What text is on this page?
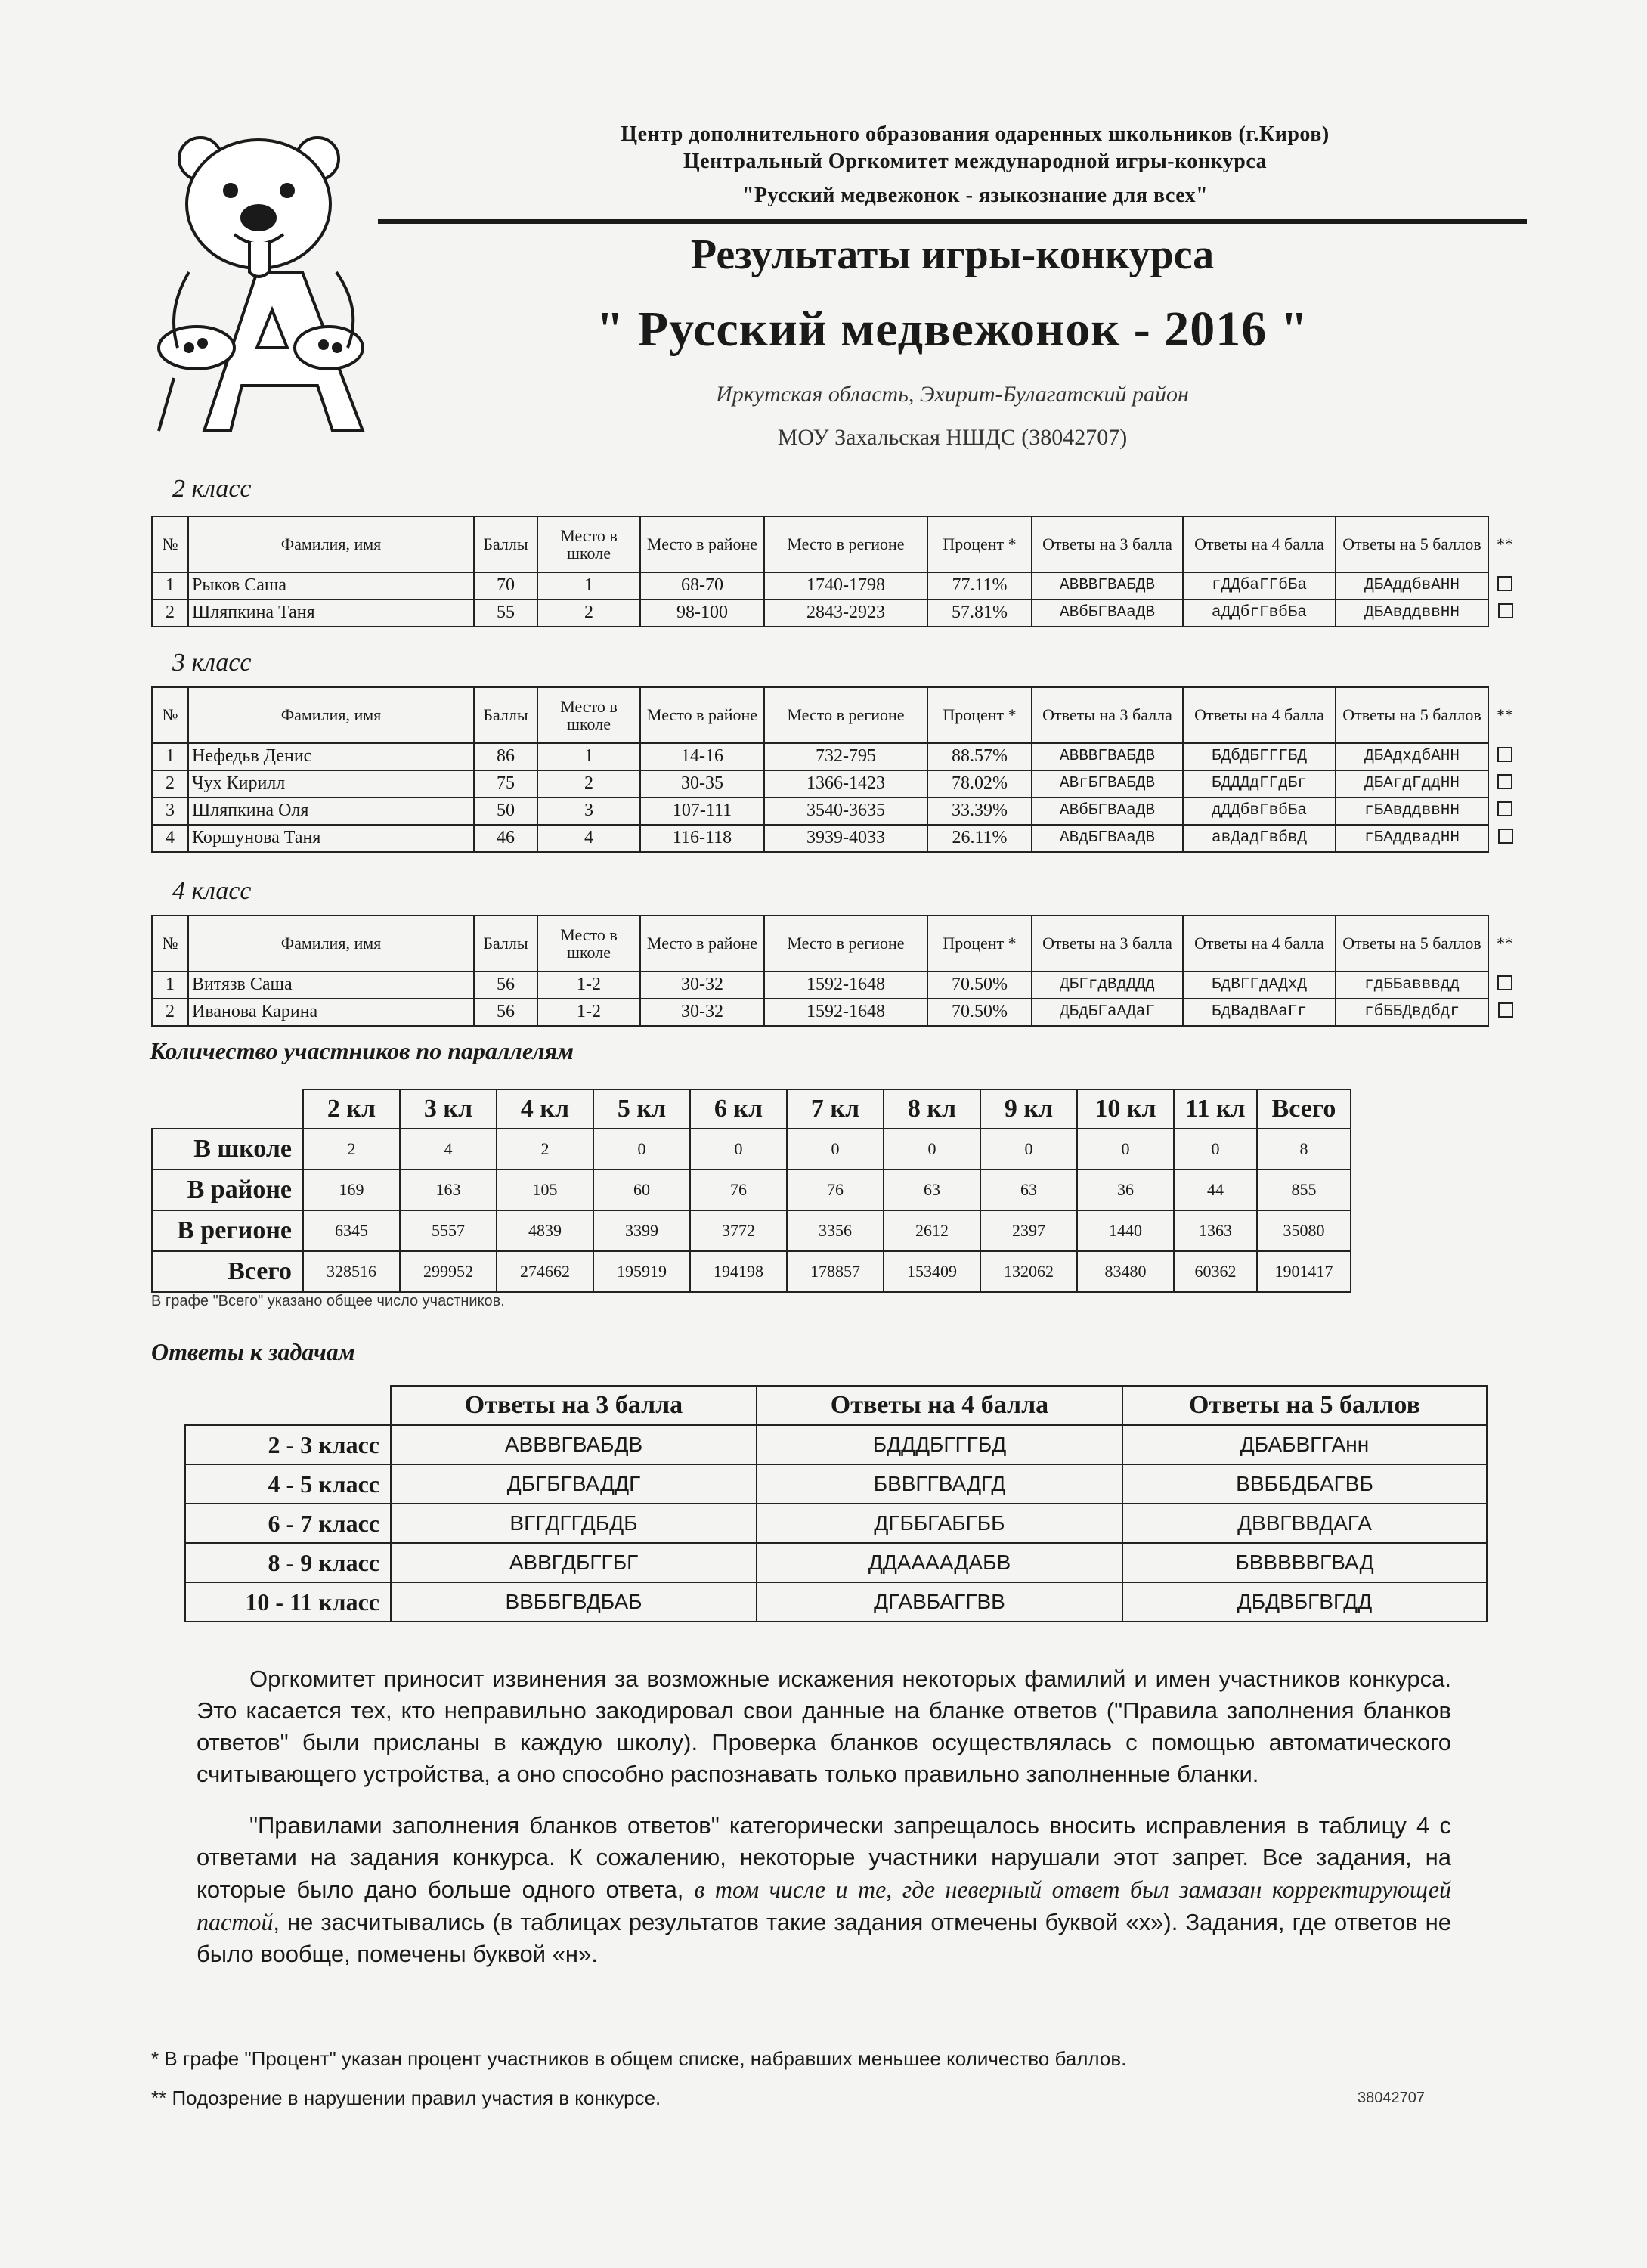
Центр дополнительного образования одаренных школьников (г.Киров)
Центральный Оргкомитет международной игры-конкурса
"Русский медвежонок - языкознание для всех"
Результаты игры-конкурса
" Русский медвежонок - 2016 "
Иркутская область, Эхирит-Булагатский район
МОУ Захальская НШДС (38042707)
2 класс
№	Фамилия, имя	Баллы	Место в школе	Место в районе	Место в регионе	Процент *	Ответы на 3 балла	Ответы на 4 балла	Ответы на 5 баллов	**
1	Рыков Саша	70	1	68-70	1740-1798	77.11%	АВВВГВАБДВ	гДДбаГГбБа	ДБАддбвАНН	
2	Шляпкина Таня	55	2	98-100	2843-2923	57.81%	АВбБГВАаДВ	аДДбгГвбБа	ДБАвддввНН	
3 класс
№	Фамилия, имя	Баллы	Место в школе	Место в районе	Место в регионе	Процент *	Ответы на 3 балла	Ответы на 4 балла	Ответы на 5 баллов	**
1	Нефедьв Денис	86	1	14-16	732-795	88.57%	АВВВГВАБДВ	БДбДБГГГБД	ДБАдхдбАНН	
2	Чух Кирилл	75	2	30-35	1366-1423	78.02%	АВгБГВАБДВ	БДДДдГГдБг	ДБАгдГддНН	
3	Шляпкина Оля	50	3	107-111	3540-3635	33.39%	АВбБГВАаДВ	дДДбвГвбБа	гБАвддввНН	
4	Коршунова Таня	46	4	116-118	3939-4033	26.11%	АВдБГВАаДВ	авДадГвбвД	гБАддвадНН	
4 класс
№	Фамилия, имя	Баллы	Место в школе	Место в районе	Место в регионе	Процент *	Ответы на 3 балла	Ответы на 4 балла	Ответы на 5 баллов	**
1	Витязв Саша	56	1-2	30-32	1592-1648	70.50%	ДБГгдВдДДд	БдВГГдАДхД	гдББавввдд	
2	Иванова Карина	56	1-2	30-32	1592-1648	70.50%	ДБдБГаАДаГ	БдВадВАаГг	гбББДвдбдг	
Количество участников по параллелям
	2 кл	3 кл	4 кл	5 кл	6 кл	7 кл	8 кл	9 кл	10 кл	11 кл	Всего
В школе	2	4	2	0	0	0	0	0	0	0	8
В районе	169	163	105	60	76	76	63	63	36	44	855
В регионе	6345	5557	4839	3399	3772	3356	2612	2397	1440	1363	35080
Всего	328516	299952	274662	195919	194198	178857	153409	132062	83480	60362	1901417
В графе "Всего" указано общее число участников.
Ответы к задачам
	Ответы на 3 балла	Ответы на 4 балла	Ответы на 5 баллов
2 - 3 класс	АВВВГВАБДВ	БДДДБГГГБД	ДБАБВГГАнн
4 - 5 класс	ДБГБГВАДДГ	БВВГГВАДГД	ВВББДБАГВБ
6 - 7 класс	ВГГДГГДБДБ	ДГББГАБГББ	ДВВГВВДАГА
8 - 9 класс	АВВГДБГГБГ	ДДААААДАБВ	БВВВВВГВАД
10 - 11 класс	ВВББГВДБАБ	ДГАВБАГГВВ	ДБДВБГВГДД

Оргкомитет приносит извинения за возможные искажения некоторых фамилий и имен участников конкурса. Это касается тех, кто неправильно закодировал свои данные на бланке ответов ("Правила заполнения бланков ответов" были присланы в каждую школу). Проверка бланков осуществлялась с помощью автоматического считывающего устройства, а оно способно распознавать только правильно заполненные бланки.

"Правилами заполнения бланков ответов" категорически запрещалось вносить исправления в таблицу 4 с ответами на задания конкурса. К сожалению, некоторые участники нарушали этот запрет. Все задания, на которые было дано больше одного ответа, в том числе и те, где неверный ответ был замазан корректирующей пастой, не засчитывались (в таблицах результатов такие задания отмечены буквой «х»). Задания, где ответов не было вообще, помечены буквой «н».

* В графе "Процент" указан процент участников в общем списке, набравших меньшее количество баллов.
** Подозрение в нарушении правил участия в конкурсе.	38042707
